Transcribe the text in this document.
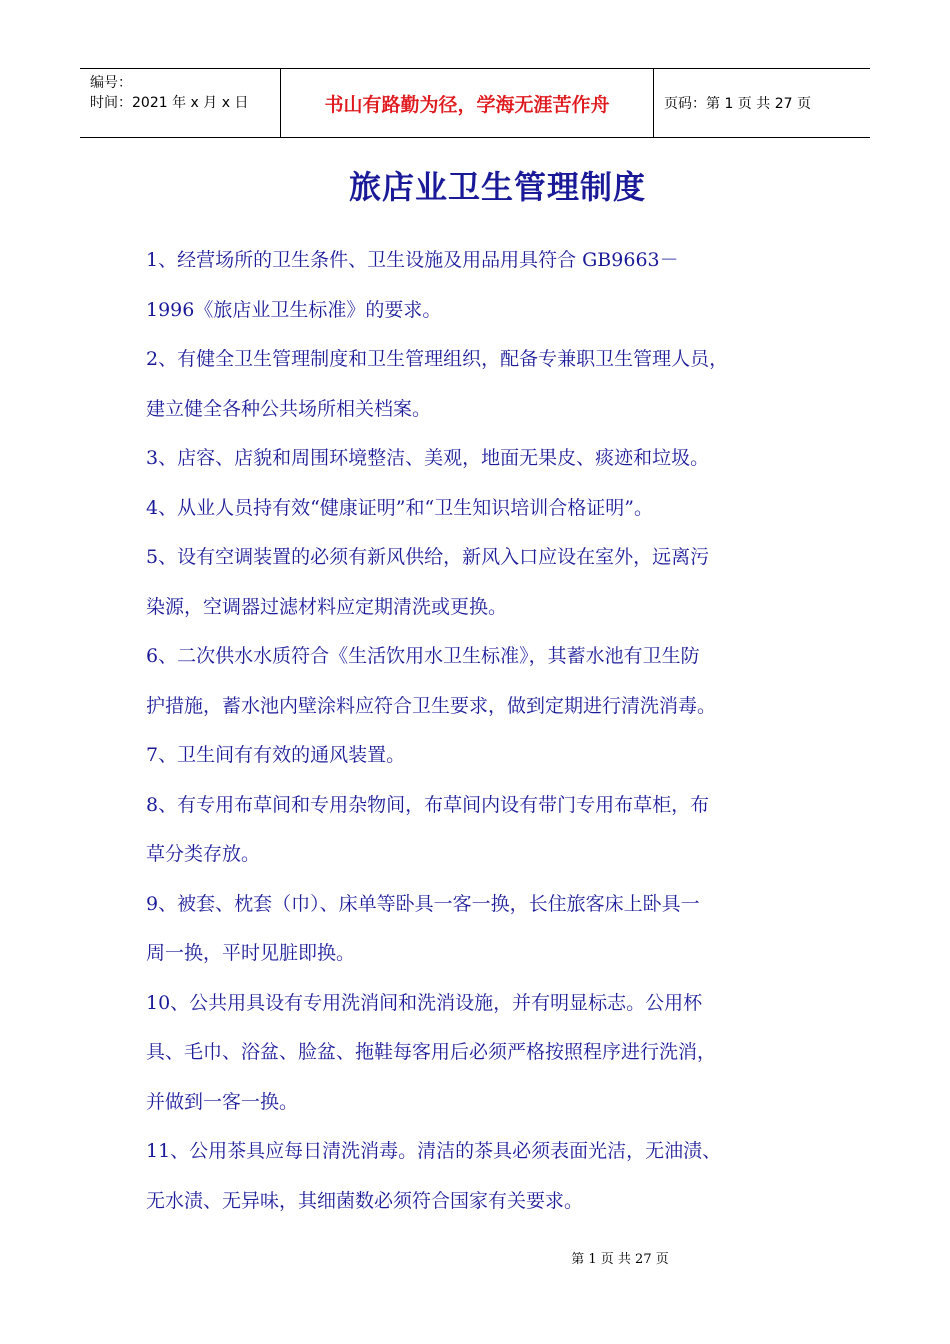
编号：
时间：2021 年 x 月 x 日	书山有路勤为径，学海无涯苦作舟	页码：第 1 页 共 27 页
旅店业卫生管理制度

1、经营场所的卫生条件、卫生设施及用品用具符合 GB9663－

1996《旅店业卫生标准》的要求。

2、有健全卫生管理制度和卫生管理组织，配备专兼职卫生管理人员，

建立健全各种公共场所相关档案。

3、店容、店貌和周围环境整洁、美观，地面无果皮、痰迹和垃圾。

4、从业人员持有效“健康证明”和“卫生知识培训合格证明”。

5、设有空调装置的必须有新风供给，新风入口应设在室外，远离污

染源，空调器过滤材料应定期清洗或更换。

6、二次供水水质符合《生活饮用水卫生标准》，其蓄水池有卫生防

护措施，蓄水池内壁涂料应符合卫生要求，做到定期进行清洗消毒。

7、卫生间有有效的通风装置。

8、有专用布草间和专用杂物间，布草间内设有带门专用布草柜，布

草分类存放。

9、被套、枕套（巾）、床单等卧具一客一换，长住旅客床上卧具一

周一换，平时见脏即换。

10、公共用具设有专用洗消间和洗消设施，并有明显标志。公用杯

具、毛巾、浴盆、脸盆、拖鞋每客用后必须严格按照程序进行洗消，

并做到一客一换。

11、公用茶具应每日清洗消毒。清洁的茶具必须表面光洁，无油渍、

无水渍、无异味，其细菌数必须符合国家有关要求。

第 1 页 共 27 页
